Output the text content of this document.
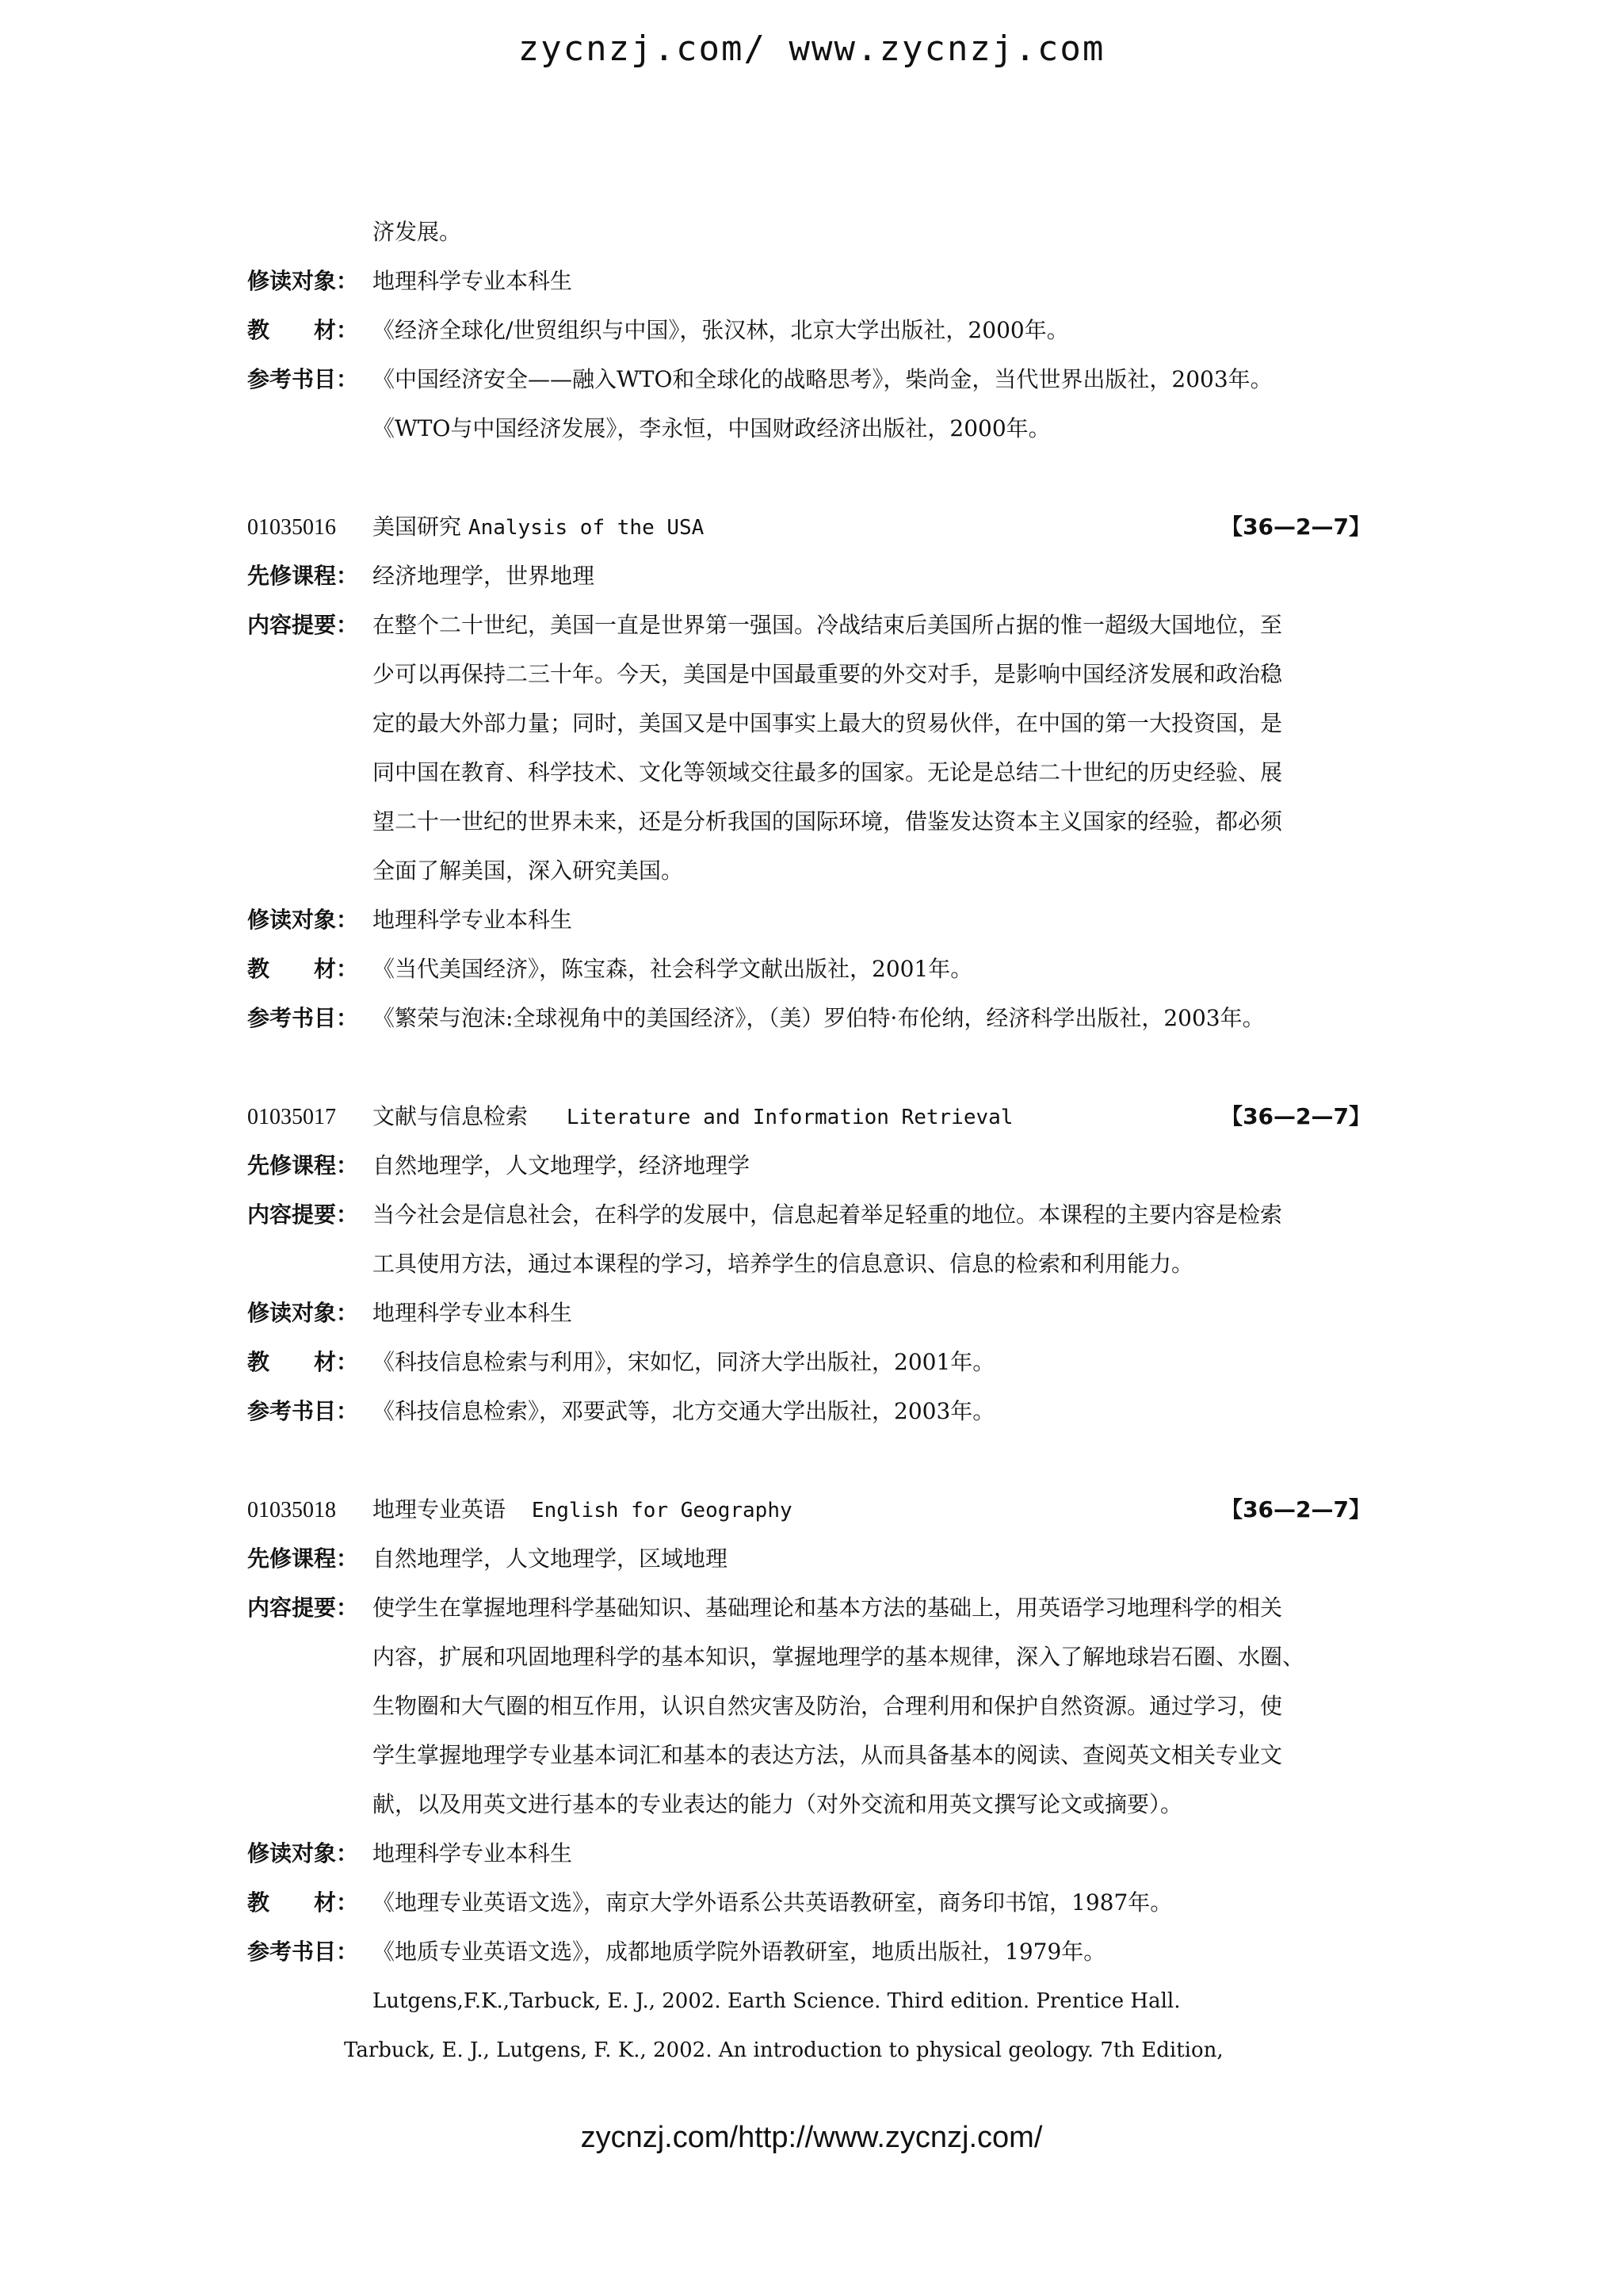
zycnzj.com/ www.zycnzj.com
济发展。
修读对象： 地理科学专业本科生
教　　材： 《经济全球化/世贸组织与中国》，张汉林，北京大学出版社，2000年。
参考书目： 《中国经济安全——融入WTO和全球化的战略思考》，柴尚金，当代世界出版社，2003年。
《WTO与中国经济发展》，李永恒，中国财政经济出版社，2000年。
01035016 美国研究 Analysis of the USA	【36—2—7】
先修课程： 经济地理学，世界地理
内容提要： 在整个二十世纪，美国一直是世界第一强国。冷战结束后美国所占据的惟一超级大国地位，至
少可以再保持二三十年。今天，美国是中国最重要的外交对手，是影响中国经济发展和政治稳
定的最大外部力量；同时，美国又是中国事实上最大的贸易伙伴，在中国的第一大投资国，是
同中国在教育、科学技术、文化等领域交往最多的国家。无论是总结二十世纪的历史经验、展
望二十一世纪的世界未来，还是分析我国的国际环境，借鉴发达资本主义国家的经验，都必须
全面了解美国，深入研究美国。
修读对象： 地理科学专业本科生
教　　材： 《当代美国经济》，陈宝森，社会科学文献出版社，2001年。
参考书目： 《繁荣与泡沫:全球视角中的美国经济》，（美）罗伯特·布伦纳，经济科学出版社，2003年。
01035017 文献与信息检索 Literature and Information Retrieval	【36—2—7】
先修课程： 自然地理学，人文地理学，经济地理学
内容提要： 当今社会是信息社会，在科学的发展中，信息起着举足轻重的地位。本课程的主要内容是检索
工具使用方法，通过本课程的学习，培养学生的信息意识、信息的检索和利用能力。
修读对象： 地理科学专业本科生
教　　材： 《科技信息检索与利用》，宋如忆，同济大学出版社，2001年。
参考书目： 《科技信息检索》，邓要武等，北方交通大学出版社，2003年。
01035018 地理专业英语 English for Geography	【36—2—7】
先修课程： 自然地理学，人文地理学，区域地理
内容提要： 使学生在掌握地理科学基础知识、基础理论和基本方法的基础上，用英语学习地理科学的相关
内容，扩展和巩固地理科学的基本知识，掌握地理学的基本规律，深入了解地球岩石圈、水圈、
生物圈和大气圈的相互作用，认识自然灾害及防治，合理利用和保护自然资源。通过学习，使
学生掌握地理学专业基本词汇和基本的表达方法，从而具备基本的阅读、查阅英文相关专业文
献，以及用英文进行基本的专业表达的能力（对外交流和用英文撰写论文或摘要）。
修读对象： 地理科学专业本科生
教　　材： 《地理专业英语文选》，南京大学外语系公共英语教研室，商务印书馆，1987年。
参考书目： 《地质专业英语文选》，成都地质学院外语教研室，地质出版社，1979年。
Lutgens,F.K.,Tarbuck, E. J., 2002. Earth Science. Third edition. Prentice Hall.
Tarbuck, E. J., Lutgens, F. K., 2002. An introduction to physical geology. 7th Edition,
zycnzj.com/http://www.zycnzj.com/
